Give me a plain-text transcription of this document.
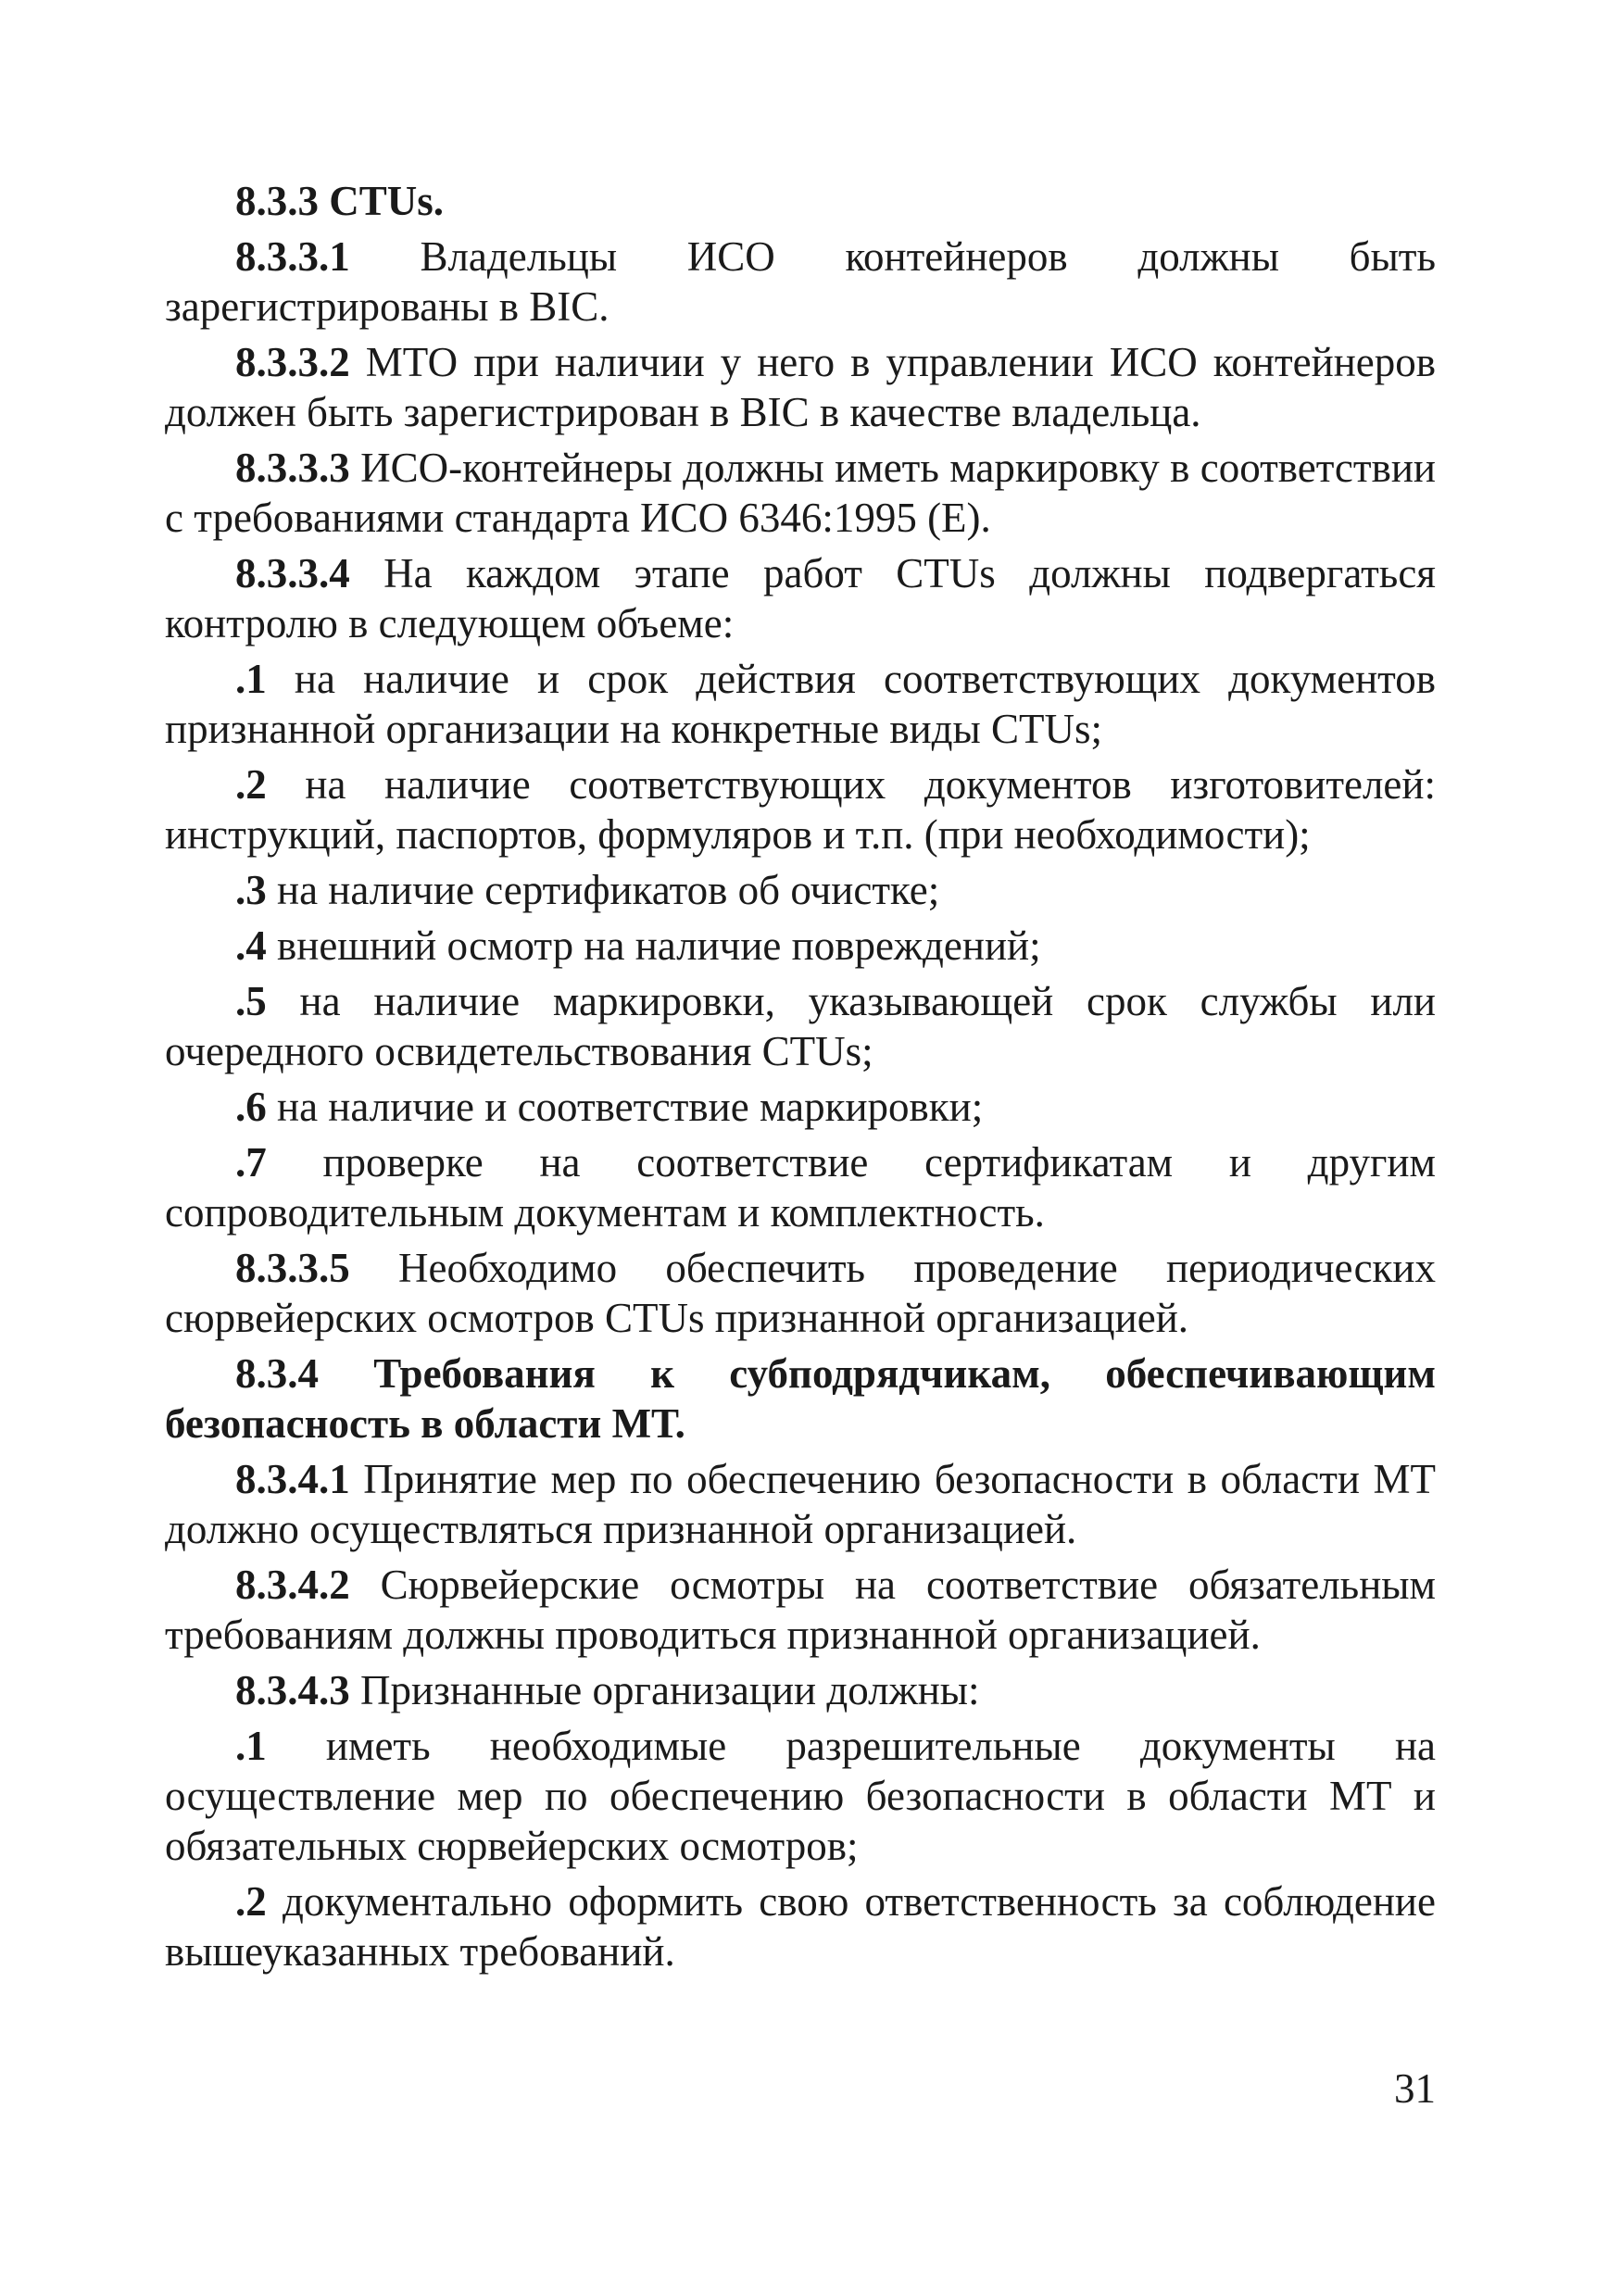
8.3.3 CTUs.

8.3.3.1 Владельцы ИСО контейнеров должны быть зарегистрированы в BIC.

8.3.3.2 МТО при наличии у него в управлении ИСО контейнеров должен быть зарегистрирован в BIC в качестве владельца.

8.3.3.3 ИСО-контейнеры должны иметь маркировку в соответствии с требованиями стандарта ИСО 6346:1995 (E).

8.3.3.4 На каждом этапе работ CTUs должны подвергаться контролю в следующем объеме:

.1 на наличие и срок действия соответствующих документов признанной организации на конкретные виды CTUs;

.2 на наличие соответствующих документов изготовителей: инструкций, паспортов, формуляров и т.п. (при необходимости);

.3 на наличие сертификатов об очистке;

.4 внешний осмотр на наличие повреждений;

.5 на наличие маркировки, указывающей срок службы или очередного освидетельствования CTUs;

.6 на наличие и соответствие маркировки;

.7 проверке на соответствие сертификатам и другим сопроводительным документам и комплектность.

8.3.3.5 Необходимо обеспечить проведение периодических сюрвейерских осмотров CTUs признанной организацией.

8.3.4 Требования к субподрядчикам, обеспечивающим безопасность в области МТ.

8.3.4.1 Принятие мер по обеспечению безопасности в области МТ должно осуществляться признанной организацией.

8.3.4.2 Сюрвейерские осмотры на соответствие обязательным требованиям должны проводиться признанной организацией.

8.3.4.3 Признанные организации должны:

.1 иметь необходимые разрешительные документы на осуществление мер по обеспечению безопасности в области МТ и обязательных сюрвейерских осмотров;

.2 документально оформить свою ответственность за соблюдение вышеуказанных требований.

31
